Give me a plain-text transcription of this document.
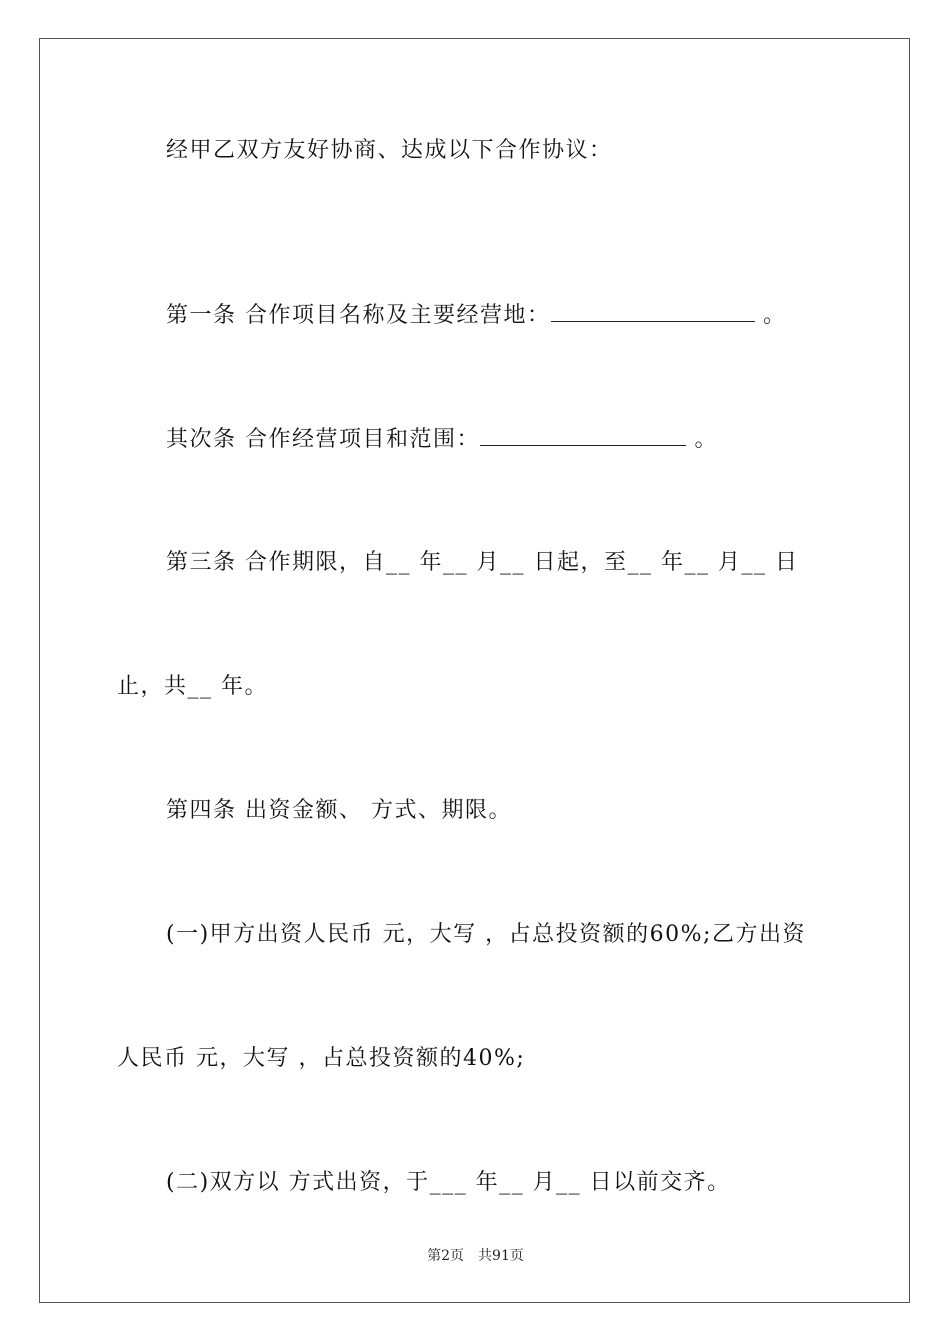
经甲乙双方友好协商、达成以下合作协议：
第一条 合作项目名称及主要经营地：	。
其次条 合作经营项目和范围：	。
第三条 合作期限，自__ 年__ 月__ 日起，至__ 年__ 月__ 日
止，共__ 年。
第四条 出资金额、 方式、期限。
(一)甲方出资人民币 元，大写 ，占总投资额的60%;乙方出资
人民币 元，大写 ，占总投资额的40%;
(二)双方以 方式出资，于___ 年__ 月__ 日以前交齐。
第2页 共91页
